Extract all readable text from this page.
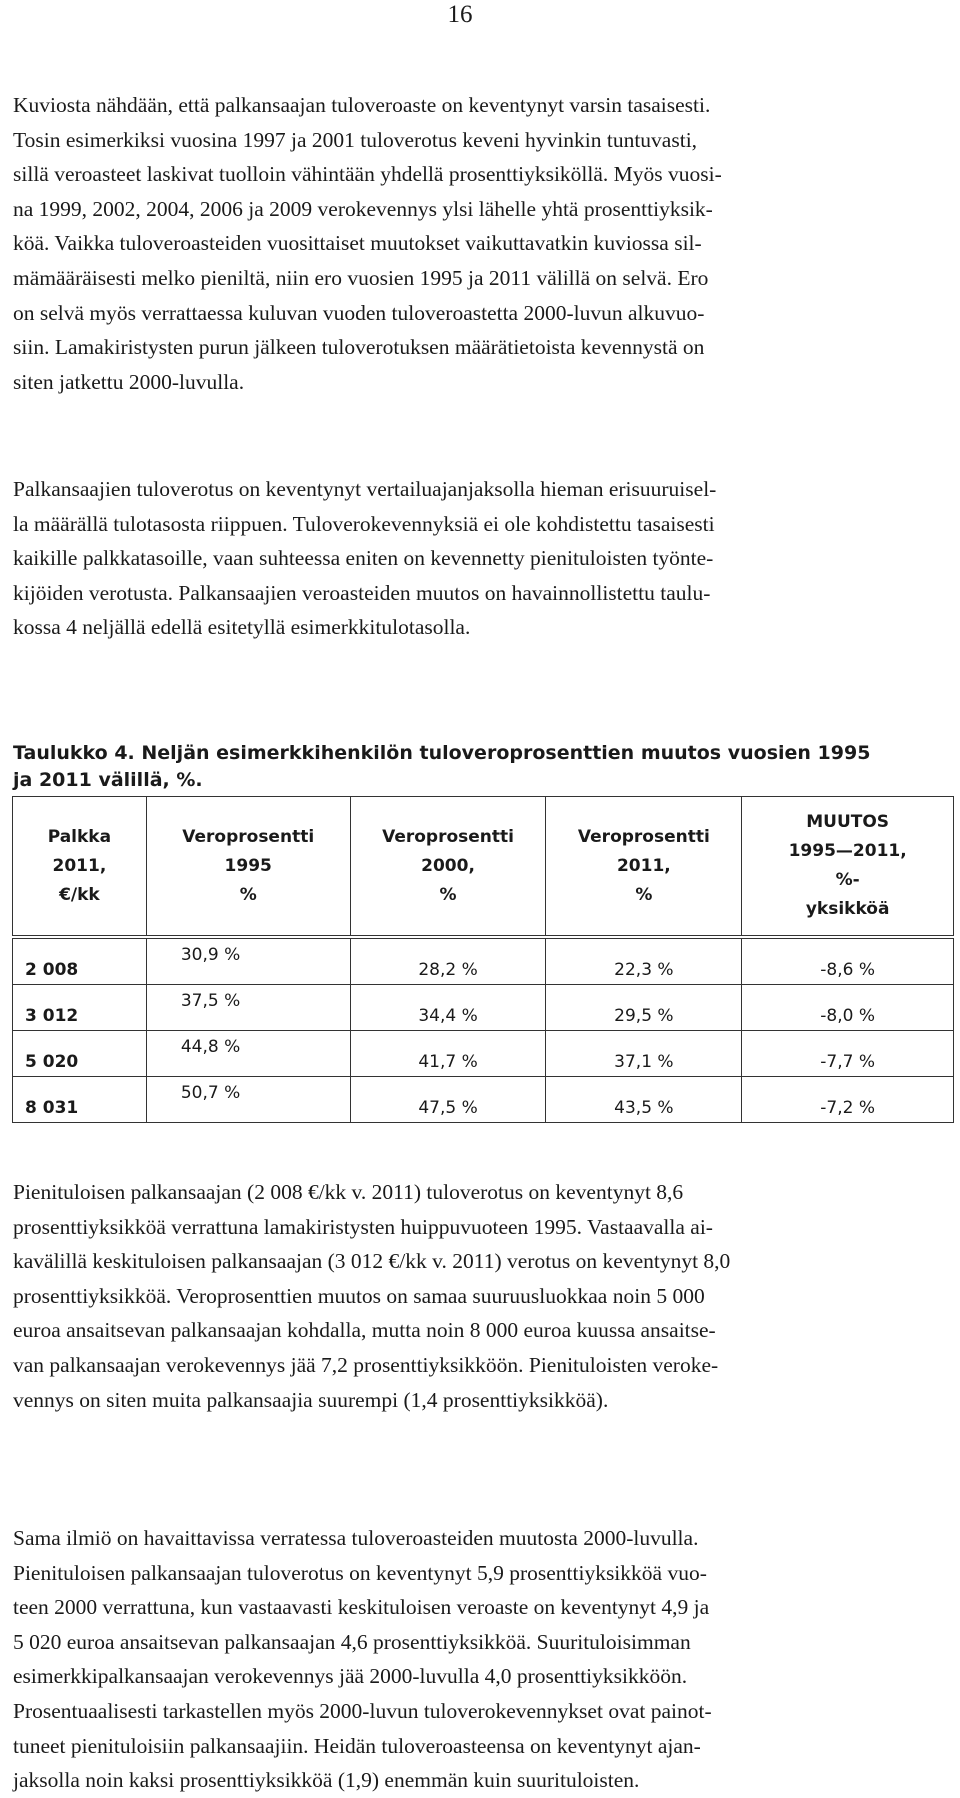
16

Kuviosta nähdään, että palkansaajan tuloveroaste on keventynyt varsin tasaisesti.
Tosin esimerkiksi vuosina 1997 ja 2001 tuloverotus keveni hyvinkin tuntuvasti,
sillä veroasteet laskivat tuolloin vähintään yhdellä prosenttiyksiköllä. Myös vuosi-
na 1999, 2002, 2004, 2006 ja 2009 verokevennys ylsi lähelle yhtä prosenttiyksik-
köä. Vaikka tuloveroasteiden vuosittaiset muutokset vaikuttavatkin kuviossa sil-
mämääräisesti melko pieniltä, niin ero vuosien 1995 ja 2011 välillä on selvä. Ero
on selvä myös verrattaessa kuluvan vuoden tuloveroastetta 2000-luvun alkuvuo-
siin. Lamakiristysten purun jälkeen tuloverotuksen määrätietoista kevennystä on
siten jatkettu 2000-luvulla.

Palkansaajien tuloverotus on keventynyt vertailuajanjaksolla hieman erisuuruisel-
la määrällä tulotasosta riippuen. Tuloverokevennyksiä ei ole kohdistettu tasaisesti
kaikille palkkatasoille, vaan suhteessa eniten on kevennetty pienituloisten työnte-
kijöiden verotusta. Palkansaajien veroasteiden muutos on havainnollistettu taulu-
kossa 4 neljällä edellä esitetyllä esimerkkitulotasolla.

Taulukko 4. Neljän esimerkkihenkilön tuloveroprosenttien muutos vuosien 1995
ja 2011 välillä, %.
Palkka
2011,
€/kk	Veroprosentti
1995
%	Veroprosentti
2000,
%	Veroprosentti
2011,
%	MUUTOS
1995—2011,
%-
yksikköä

2 008	30,9 %	28,2 %	22,3 %	-8,6 %
3 012	37,5 %	34,4 %	29,5 %	-8,0 %
5 020	44,8 %	41,7 %	37,1 %	-7,7 %
8 031	50,7 %	47,5 %	43,5 %	-7,2 %

Pienituloisen palkansaajan (2 008 €/kk v. 2011) tuloverotus on keventynyt 8,6
prosenttiyksikköä verrattuna lamakiristysten huippuvuoteen 1995. Vastaavalla ai-
kavälillä keskituloisen palkansaajan (3 012 €/kk v. 2011) verotus on keventynyt 8,0
prosenttiyksikköä. Veroprosenttien muutos on samaa suuruusluokkaa noin 5 000
euroa ansaitsevan palkansaajan kohdalla, mutta noin 8 000 euroa kuussa ansaitse-
van palkansaajan verokevennys jää 7,2 prosenttiyksikköön. Pienituloisten veroke-
vennys on siten muita palkansaajia suurempi (1,4 prosenttiyksikköä).

Sama ilmiö on havaittavissa verratessa tuloveroasteiden muutosta 2000-luvulla.
Pienituloisen palkansaajan tuloverotus on keventynyt 5,9 prosenttiyksikköä vuo-
teen 2000 verrattuna, kun vastaavasti keskituloisen veroaste on keventynyt 4,9 ja
5 020 euroa ansaitsevan palkansaajan 4,6 prosenttiyksikköä. Suurituloisimman
esimerkkipalkansaajan verokevennys jää 2000-luvulla 4,0 prosenttiyksikköön.
Prosentuaalisesti tarkastellen myös 2000-luvun tuloverokevennykset ovat painot-
tuneet pienituloisiin palkansaajiin. Heidän tuloveroasteensa on keventynyt ajan-
jaksolla noin kaksi prosenttiyksikköä (1,9) enemmän kuin suurituloisten.
